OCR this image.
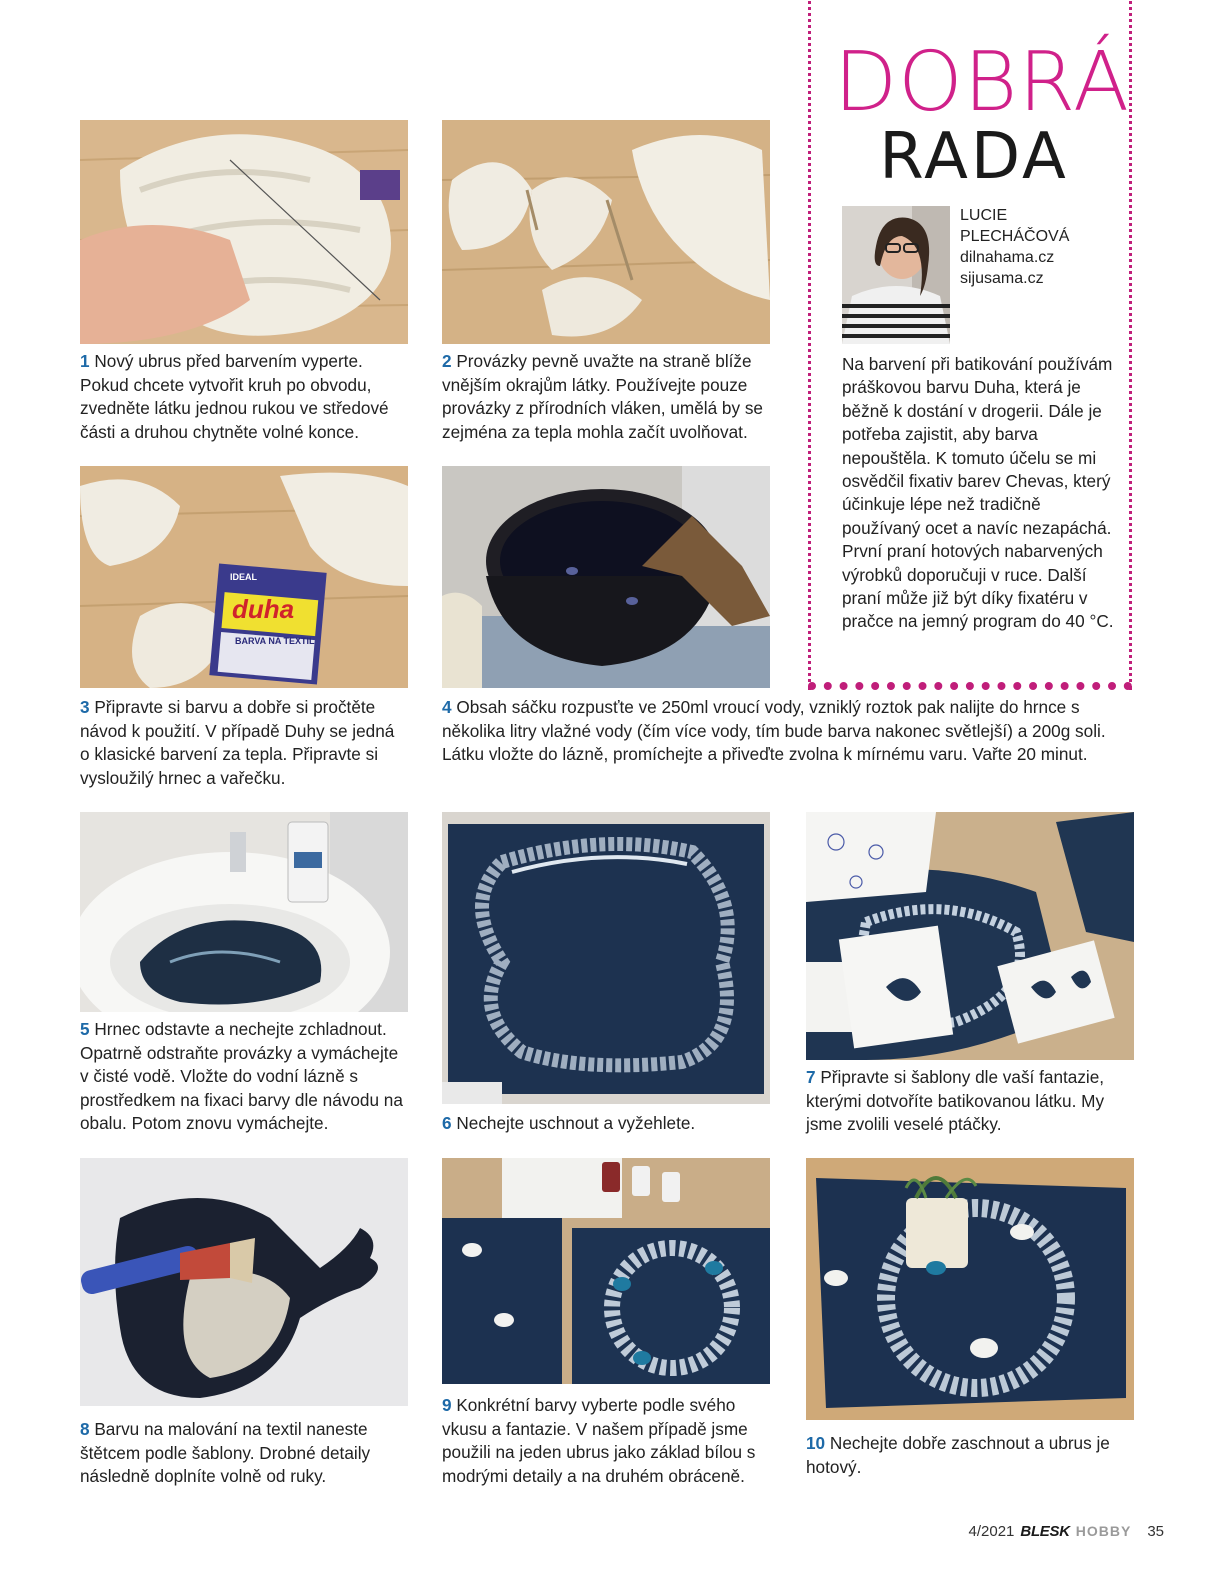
IDEAL
duha
BARVA NA TEXTIL

1 Nový ubrus před barvením vyperte. Pokud chcete vytvořit kruh po obvodu, zvedněte látku jednou rukou ve středové části a druhou chytněte volné konce.

2 Provázky pevně uvažte na straně blíže vnějším okrajům látky. Používejte pouze provázky z přírodních vláken, umělá by se zejména za tepla mohla začít uvolňovat.

3 Připravte si barvu a dobře si pročtěte návod k použití. V případě Duhy se jedná o klasické barvení za tepla. Připravte si vysloužilý hrnec a vařečku.

4 Obsah sáčku rozpusťte ve 250ml vroucí vody, vzniklý roztok pak nalijte do hrnce s několika litry vlažné vody (čím více vody, tím bude barva nakonec světlejší) a 200g soli. Látku vložte do lázně, promíchejte a přiveďte zvolna k mírnému varu. Vařte 20 minut.

5 Hrnec odstavte a nechejte zchladnout. Opatrně odstraňte provázky a vymáchejte v čisté vodě. Vložte do vodní lázně s prostředkem na fixaci barvy dle návodu na obalu. Potom znovu vymáchejte.	6 Nechejte uschnout a vyžehlete.

7 Připravte si šablony dle vaší fantazie, kterými dotvoříte batikovanou látku. My jsme zvolili veselé ptáčky.

8 Barvu na malování na textil naneste štětcem podle šablony. Drobné detaily následně doplníte volně od ruky.

9 Konkrétní barvy vyberte podle svého vkusu a fantazie. V našem případě jsme použili na jeden ubrus jako základ bílou s modrými detaily a na druhém obráceně.

10 Nechejte dobře zaschnout a ubrus je hotový.

DOBRÁ
RADA
LUCIE
PLECHÁČOVÁ
dilnahama.cz
sijusama.cz

Na barvení při batikování používám práškovou barvu Duha, která je běžně k dostání v drogerii. Dále je potřeba zajistit, aby barva nepouštěla. K tomuto účelu se mi osvědčil fixativ barev Chevas, který účinkuje lépe než tradičně používaný ocet a navíc nezapáchá. První praní hotových nabarvených výrobků doporučuji v ruce. Další praní může již být díky fixatéru v pračce na jemný program do 40 °C.

4/2021 BLESK HOBBY 35
